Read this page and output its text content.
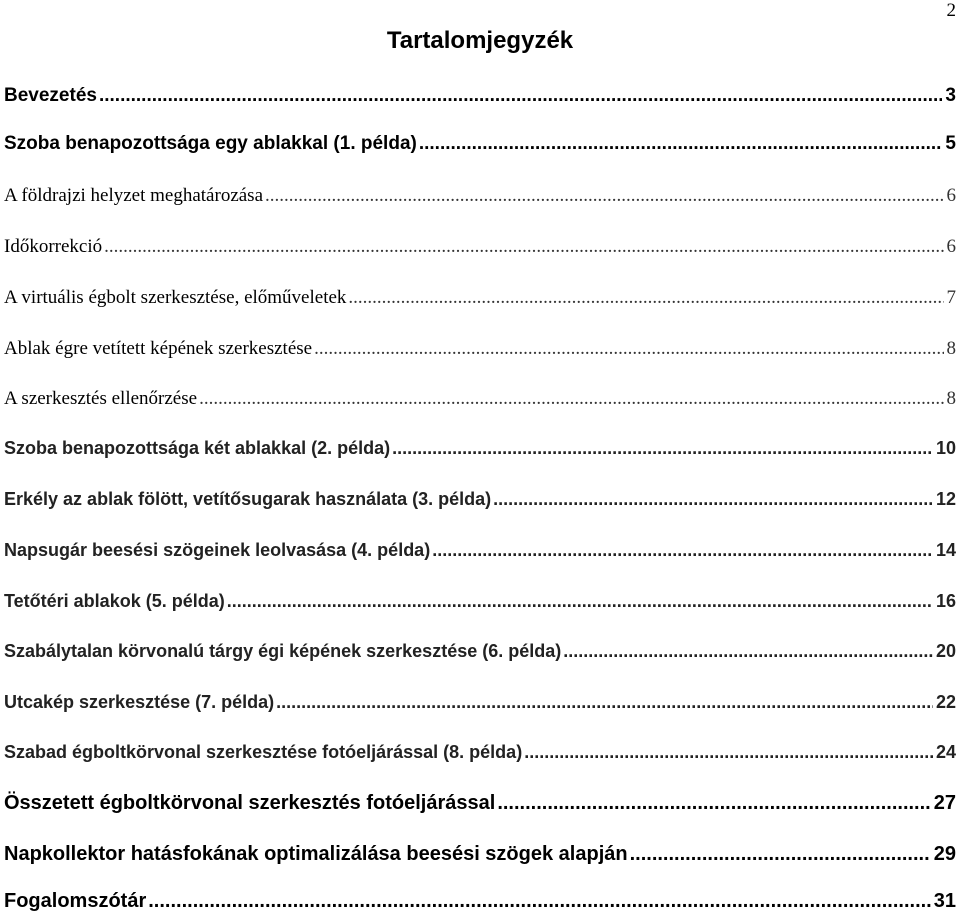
2
Tartalomjegyzék
Bevezetés .....	3
Szoba benapozottsága egy ablakkal (1. példa) .....	5
A földrajzi helyzet meghatározása .....	6
Időkorrekció .....	6
A virtuális égbolt szerkesztése, előműveletek .....	7
Ablak égre vetített képének szerkesztése .....	8
A szerkesztés ellenőrzése .....	8
Szoba benapozottsága két ablakkal (2. példa) .....	10
Erkély az ablak fölött, vetítősugarak használata (3. példa) .....	12
Napsugár beesési szögeinek leolvasása (4. példa) .....	14
Tetőtéri ablakok (5. példa) .....	16
Szabálytalan körvonalú tárgy égi képének szerkesztése (6. példa) .....	20
Utcakép szerkesztése (7. példa) .....	22
Szabad égboltkörvonal szerkesztése fotóeljárással (8. példa) .....	24
Összetett égboltkörvonal szerkesztés fotóeljárással .....	27
Napkollektor hatásfokának optimalizálása beesési szögek alapján .....	29
Fogalomszótár .....	31
